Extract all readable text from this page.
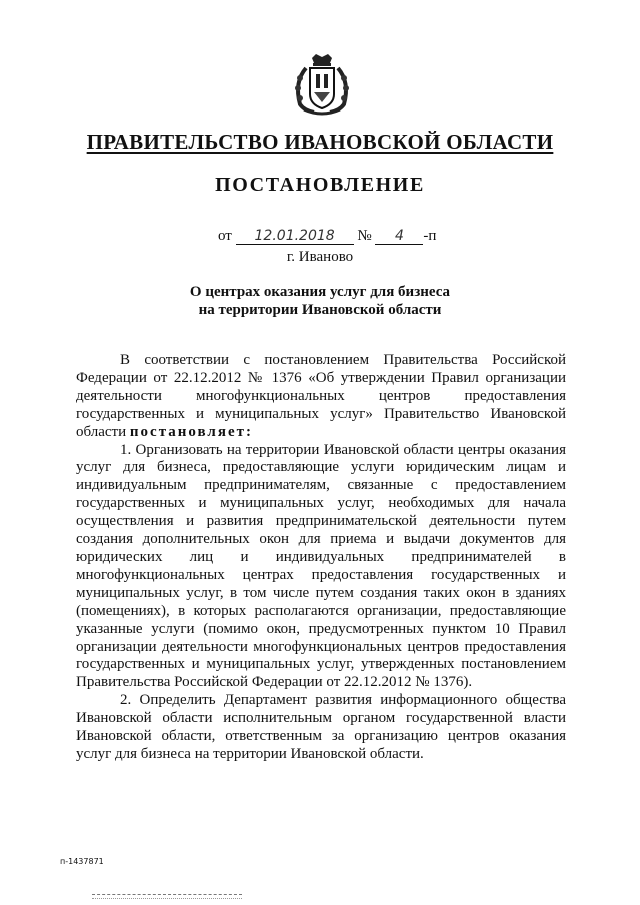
ПРАВИТЕЛЬСТВО ИВАНОВСКОЙ ОБЛАСТИ
ПОСТАНОВЛЕНИЕ
от 12.01.2018 № 4 -п
г. Иваново
О центрах оказания услуг для бизнеса
на территории Ивановской области

В соответствии с постановлением Правительства Российской Федерации от 22.12.2012 № 1376 «Об утверждении Правил организации деятельности многофункциональных центров предоставления государственных и муниципальных услуг» Правительство Ивановской области постановляет:

1. Организовать на территории Ивановской области центры оказания услуг для бизнеса, предоставляющие услуги юридическим лицам и индивидуальным предпринимателям, связанные с предоставлением государственных и муниципальных услуг, необходимых для начала осуществления и развития предпринимательской деятельности путем создания дополнительных окон для приема и выдачи документов для юридических лиц и индивидуальных предпринимателей в многофункциональных центрах предоставления государственных и муниципальных услуг, в том числе путем создания таких окон в зданиях (помещениях), в которых располагаются организации, предоставляющие указанные услуги (помимо окон, предусмотренных пунктом 10 Правил организации деятельности многофункциональных центров предоставления государственных и муниципальных услуг, утвержденных постановлением Правительства Российской Федерации от 22.12.2012 № 1376).

2. Определить Департамент развития информационного общества Ивановской области исполнительным органом государственной власти Ивановской области, ответственным за организацию центров оказания услуг для бизнеса на территории Ивановской области.

п-1437871
